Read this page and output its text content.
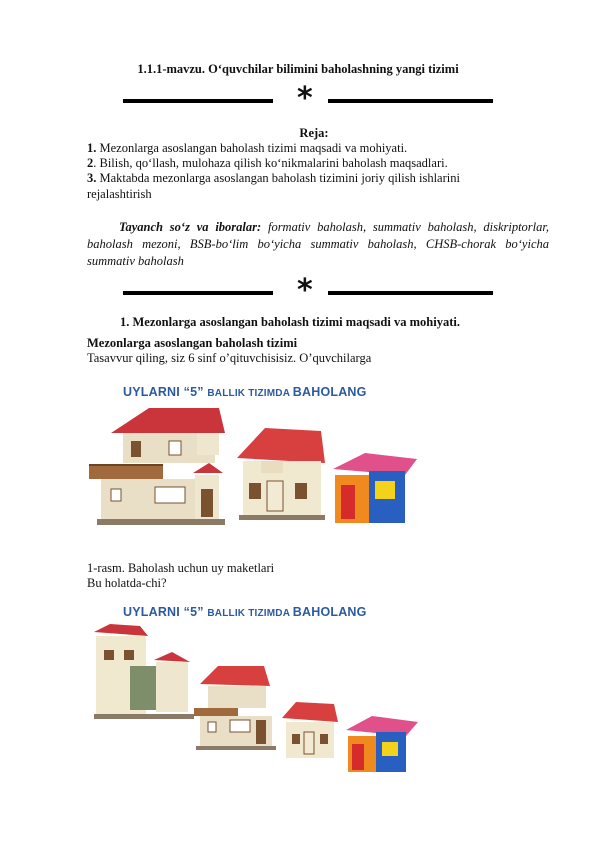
1.1.1-mavzu. O‘quvchilar bilimini baholashning yangi tizimi
*
Reja:
1. Mezonlarga asoslangan baholash tizimi maqsadi va mohiyati.
2. Bilish, qo‘llash, mulohaza qilish ko‘nikmalarini baholash maqsadlari.
3. Maktabda mezonlarga asoslangan baholash tizimini joriy qilish ishlarini
rejalashtirish
Tayanch so‘z va iboralar: formativ baholash, summativ baholash, diskriptorlar, baholash mezoni, BSB-bo‘lim bo‘yicha summativ baholash, CHSB-chorak bo‘yicha summativ baholash
*
1. Mezonlarga asoslangan baholash tizimi maqsadi va mohiyati.
Mezonlarga asoslangan baholash tizimi
Tasavvur qiling, siz 6 sinf o’qituvchisisiz. O’quvchilarga
UYLARNI “5” BALLIK TIZIMDA BAHOLANG
1-rasm. Baholash uchun uy maketlari
Bu holatda-chi?
UYLARNI “5” BALLIK TIZIMDA BAHOLANG
